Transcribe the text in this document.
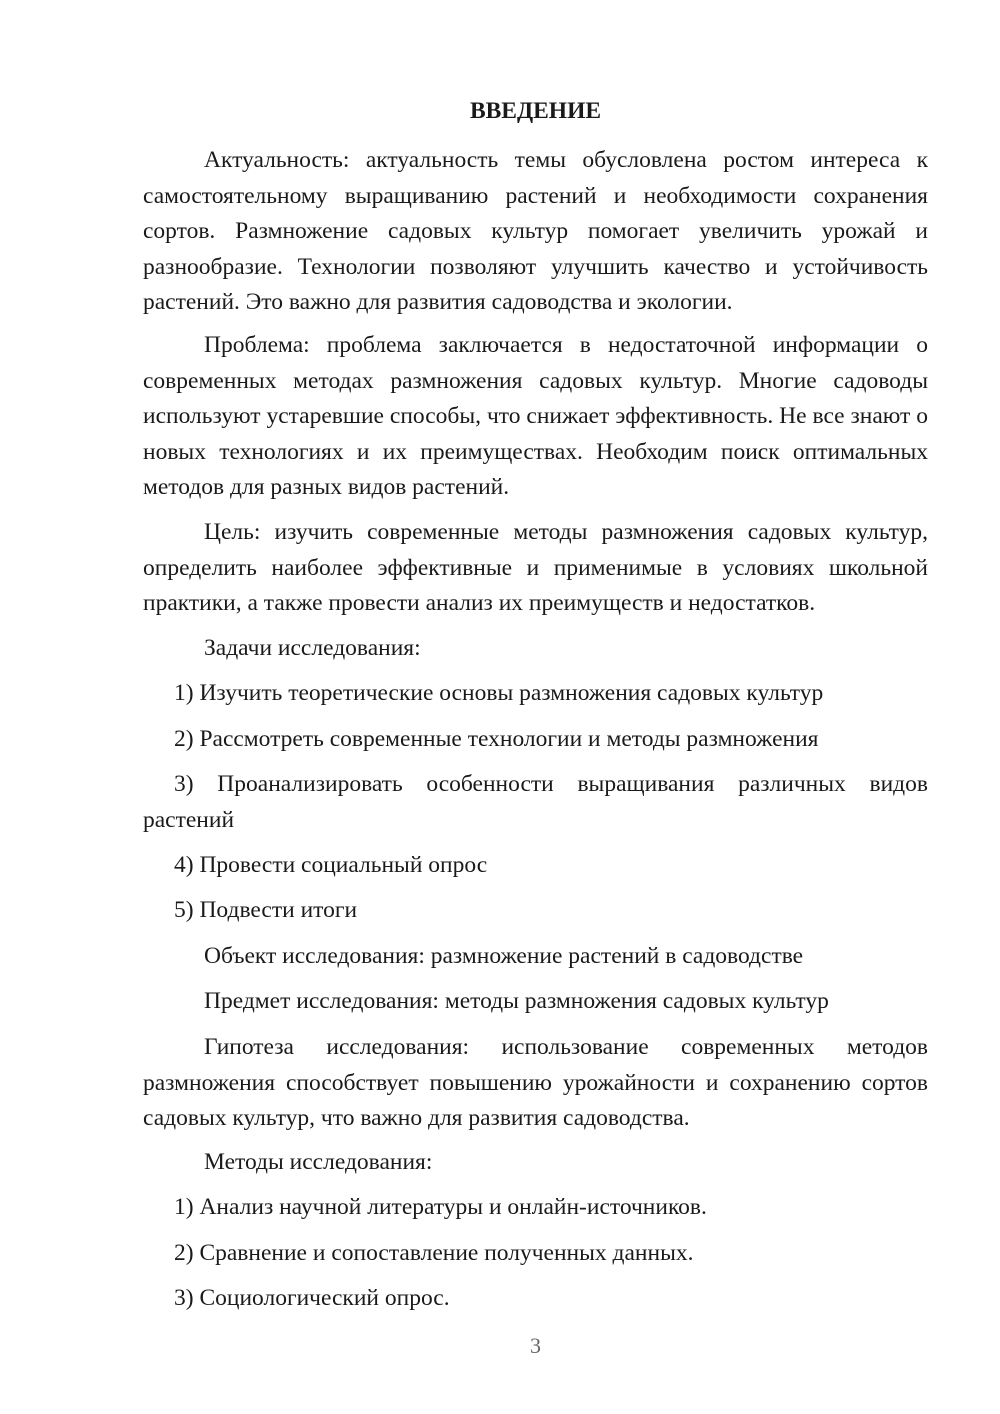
ВВЕДЕНИЕ

Актуальность: актуальность темы обусловлена ростом интереса к самостоятельному выращиванию растений и необходимости сохранения сортов. Размножение садовых культур помогает увеличить урожай и разнообразие. Технологии позволяют улучшить качество и устойчивость растений. Это важно для развития садоводства и экологии.

Проблема: проблема заключается в недостаточной информации о современных методах размножения садовых культур. Многие садоводы используют устаревшие способы, что снижает эффективность. Не все знают о новых технологиях и их преимуществах. Необходим поиск оптимальных методов для разных видов растений.

Цель: изучить современные методы размножения садовых культур, определить наиболее эффективные и применимые в условиях школьной практики, а также провести анализ их преимуществ и недостатков.

Задачи исследования:

1) Изучить теоретические основы размножения садовых культур

2) Рассмотреть современные технологии и методы размножения

3) Проанализировать особенности выращивания различных видов растений

4) Провести социальный опрос

5) Подвести итоги

Объект исследования: размножение растений в садоводстве

Предмет исследования: методы размножения садовых культур

Гипотеза исследования: использование современных методов размножения способствует повышению урожайности и сохранению сортов садовых культур, что важно для развития садоводства.

Методы исследования:

1) Анализ научной литературы и онлайн-источников.

2) Сравнение и сопоставление полученных данных.

3) Социологический опрос.

3
